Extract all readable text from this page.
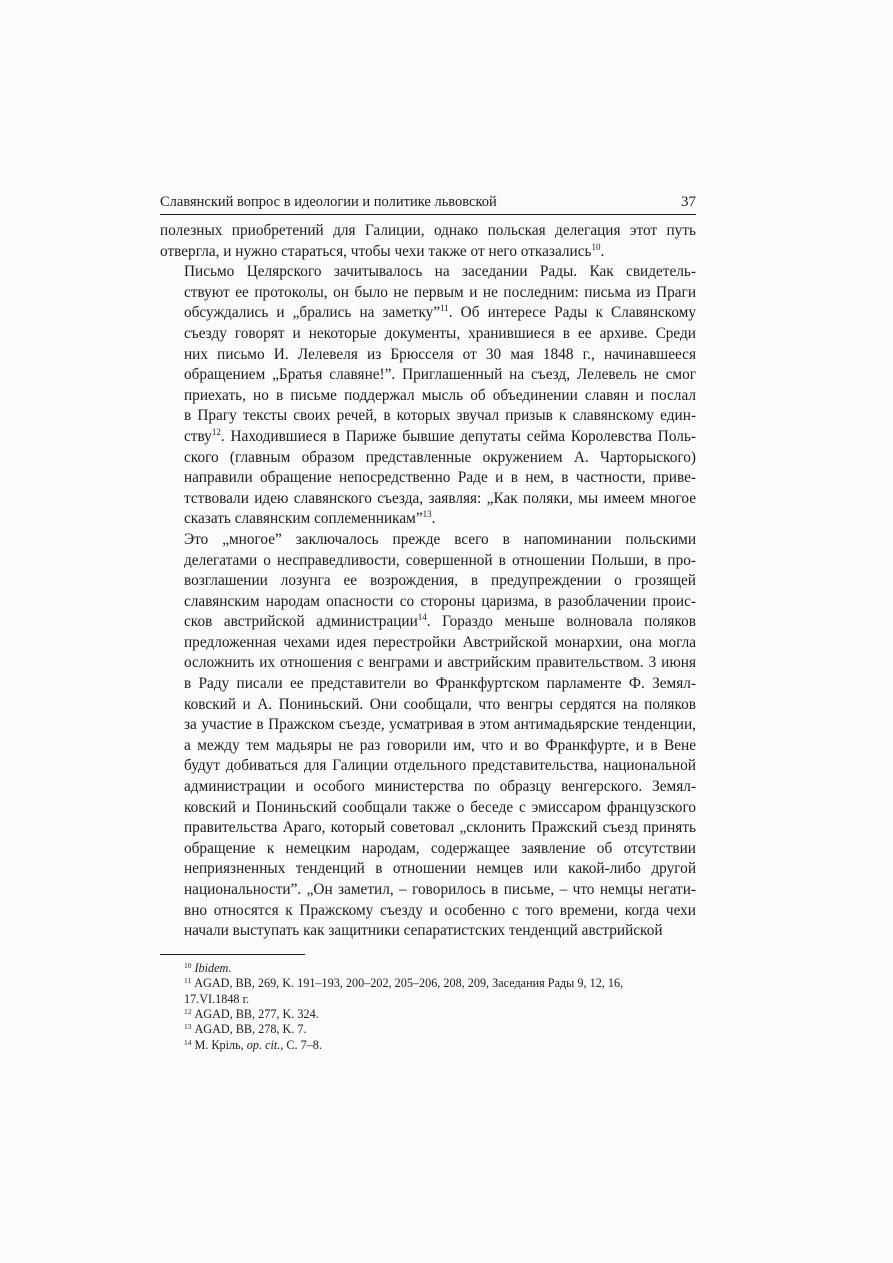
Славянский вопрос в идеологии и политике львовской	37
полезных приобретений для Галиции, однако польская делегация этот путь
отвергла, и нужно стараться, чтобы чехи также от него отказались$^{10}$.
Письмо Целярского зачитывалось на заседании Рады. Как свидетель-
ствуют ее протоколы, он было не первым и не последним: письма из Праги
обсуждались и „брались на заметку”$^{11}$. Об интересе Рады к Славянскому
съезду говорят и некоторые документы, хранившиеся в ее архиве. Среди
них письмо И. Лелевеля из Брюсселя от 30 мая 1848 г., начинавшееся
обращением „Братья славяне!”. Приглашенный на съезд, Лелевель не смог
приехать, но в письме поддержал мысль об объединении славян и послал
в Прагу тексты своих речей, в которых звучал призыв к славянскому един-
ству$^{12}$. Находившиеся в Париже бывшие депутаты сейма Королевства Поль-
ского (главным образом представленные окружением А. Чарторыского)
направили обращение непосредственно Раде и в нем, в частности, приве-
тствовали идею славянского съезда, заявляя: „Как поляки, мы имеем многое
сказать славянским соплеменникам”$^{13}$.
Это „многое” заключалось прежде всего в напоминании польскими
делегатами о несправедливости, совершенной в отношении Польши, в про-
возглашении лозунга ее возрождения, в предупреждении о грозящей
славянским народам опасности со стороны царизма, в разоблачении проис-
сков австрийской администрации$^{14}$. Гораздо меньше волновала поляков
предложенная чехами идея перестройки Австрийской монархии, она могла
осложнить их отношения с венграми и австрийским правительством. 3 июня
в Раду писали ее представители во Франкфуртском парламенте Ф. Земял-
ковский и А. Пониньский. Они сообщали, что венгры сердятся на поляков
за участие в Пражском съезде, усматривая в этом антимадьярские тенденции,
а между тем мадьяры не раз говорили им, что и во Франкфурте, и в Вене
будут добиваться для Галиции отдельного представительства, национальной
администрации и особого министерства по образцу венгерского. Земял-
ковский и Пониньский сообщали также о беседе с эмиссаром французского
правительства Араго, который советовал „склонить Пражский съезд принять
обращение к немецким народам, содержащее заявление об отсутствии
неприязненных тенденций в отношении немцев или какой-либо другой
национальности”. „Он заметил, – говорилось в письме, – что немцы негати-
вно относятся к Пражскому съезду и особенно с того времени, когда чехи
начали выступать как защитники сепаратистских тенденций австрийской
$^{10}$ Ibidem.
$^{11}$ AGAD, BB, 269, K. 191–193, 200–202, 205–206, 208, 209, Заседания Рады 9, 12, 16,
17.VI.1848 г.
$^{12}$ AGAD, BB, 277, K. 324.
$^{13}$ AGAD, BB, 278, K. 7.
$^{14}$ M. Кріль, op. cit., C. 7–8.
